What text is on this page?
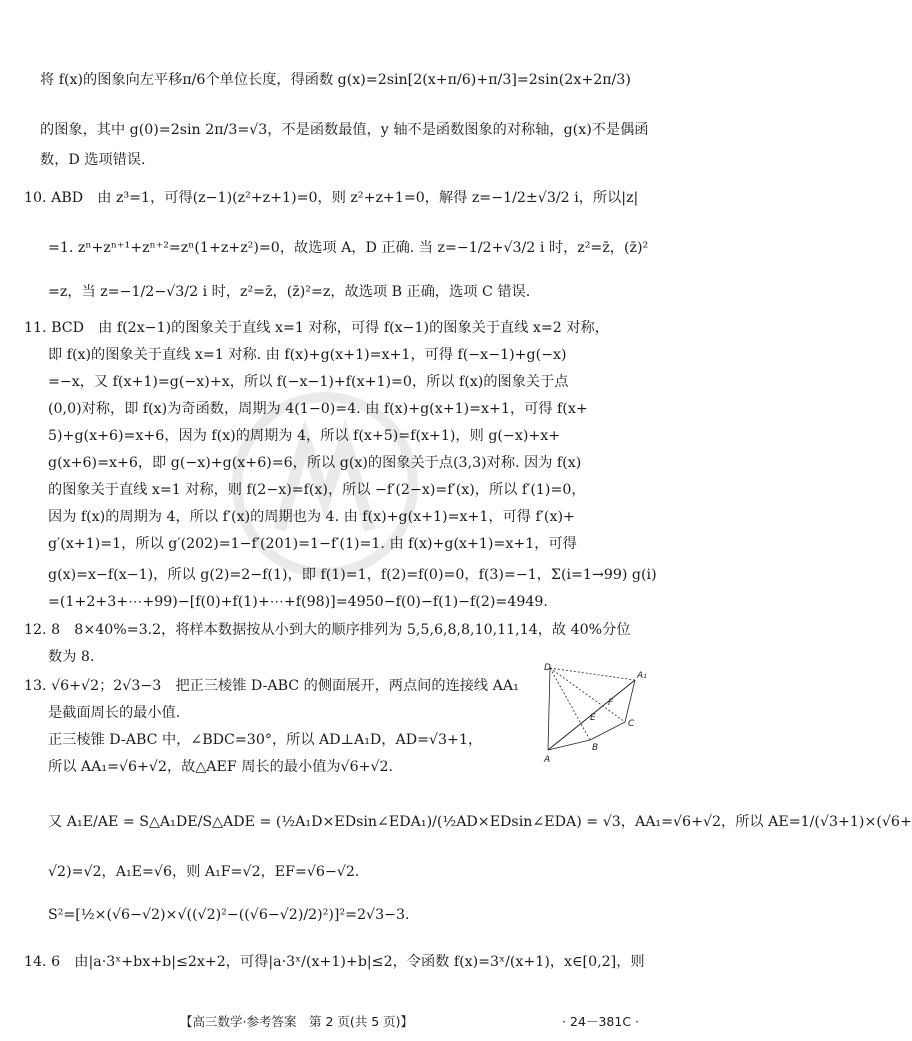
将 f(x)的图象向左平移π/6个单位长度，得函数 g(x)=2sin[2(x+π/6)+π/3]=2sin(2x+2π/3)
的图象，其中 g(0)=2sin 2π/3=√3，不是函数最值，y 轴不是函数图象的对称轴，g(x)不是偶函
数，D 选项错误.
10. ABD　由 z³=1，可得(z−1)(z²+z+1)=0，则 z²+z+1=0，解得 z=−1/2±√3/2 i，所以|z|
=1. zⁿ+zⁿ⁺¹+zⁿ⁺²=zⁿ(1+z+z²)=0，故选项 A，D 正确. 当 z=−1/2+√3/2 i 时，z²=z̄，(z̄)²
=z，当 z=−1/2−√3/2 i 时，z²=z̄，(z̄)²=z，故选项 B 正确，选项 C 错误.
11. BCD　由 f(2x−1)的图象关于直线 x=1 对称，可得 f(x−1)的图象关于直线 x=2 对称，
即 f(x)的图象关于直线 x=1 对称. 由 f(x)+g(x+1)=x+1，可得 f(−x−1)+g(−x)
=−x，又 f(x+1)=g(−x)+x，所以 f(−x−1)+f(x+1)=0，所以 f(x)的图象关于点
(0,0)对称，即 f(x)为奇函数，周期为 4(1−0)=4. 由 f(x)+g(x+1)=x+1，可得 f(x+
5)+g(x+6)=x+6，因为 f(x)的周期为 4，所以 f(x+5)=f(x+1)，则 g(−x)+x+
g(x+6)=x+6，即 g(−x)+g(x+6)=6，所以 g(x)的图象关于点(3,3)对称. 因为 f(x)
的图象关于直线 x=1 对称，则 f(2−x)=f(x)，所以 −f′(2−x)=f′(x)，所以 f′(1)=0，
因为 f(x)的周期为 4，所以 f′(x)的周期也为 4. 由 f(x)+g(x+1)=x+1，可得 f′(x)+
g′(x+1)=1，所以 g′(202)=1−f′(201)=1−f′(1)=1. 由 f(x)+g(x+1)=x+1，可得
g(x)=x−f(x−1)，所以 g(2)=2−f(1)，即 f(1)=1，f(2)=f(0)=0，f(3)=−1，Σ(i=1→99) g(i)
=(1+2+3+⋯+99)−[f(0)+f(1)+⋯+f(98)]=4950−f(0)−f(1)−f(2)=4949.
12. 8　8×40%=3.2，将样本数据按从小到大的顺序排列为 5,5,6,8,8,10,11,14，故 40%分位
数为 8.
13. √6+√2；2√3−3　把正三棱锥 D-ABC 的侧面展开，两点间的连接线 AA₁
是截面周长的最小值.
正三棱锥 D-ABC 中，∠BDC=30°，所以 AD⊥A₁D，AD=√3+1，
所以 AA₁=√6+√2，故△AEF 周长的最小值为√6+√2.
D
A₁
F
E
C
B
A
又 A₁E/AE = S△A₁DE/S△ADE = (½A₁D×EDsin∠EDA₁)/(½AD×EDsin∠EDA) = √3，AA₁=√6+√2，所以 AE=1/(√3+1)×(√6+
√2)=√2，A₁E=√6，则 A₁F=√2，EF=√6−√2.
S²=[½×(√6−√2)×√((√2)²−((√6−√2)/2)²)]²=2√3−3.
14. 6　由|a·3ˣ+bx+b|≤2x+2，可得|a·3ˣ/(x+1)+b|≤2，令函数 f(x)=3ˣ/(x+1)，x∈[0,2]，则
【高三数学·参考答案　第 2 页(共 5 页)】	· 24－381C ·
